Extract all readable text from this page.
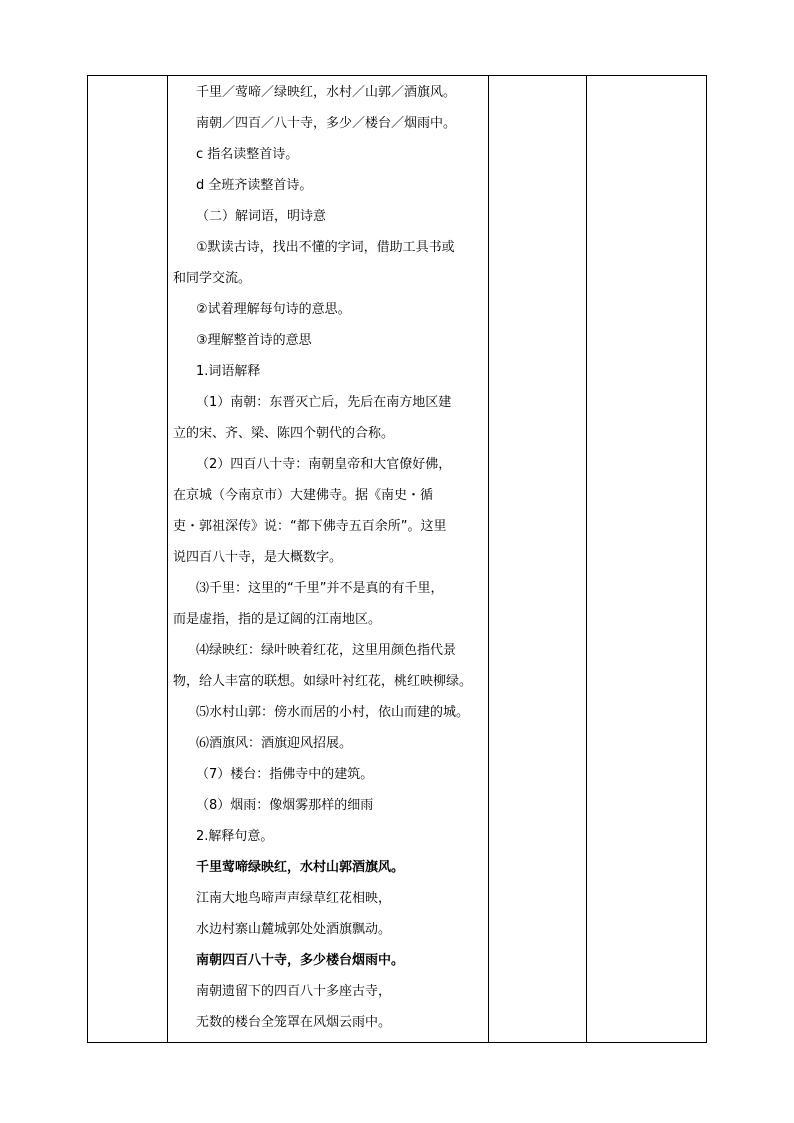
千里／莺啼／绿映红，水村／山郭／酒旗风。
南朝／四百／八十寺，多少／楼台／烟雨中。
c 指名读整首诗。
d 全班齐读整首诗。
（二）解词语，明诗意
①默读古诗，找出不懂的字词，借助工具书或
和同学交流。
②试着理解每句诗的意思。
③理解整首诗的意思
1.词语解释
（1）南朝：东晋灭亡后，先后在南方地区建
立的宋、齐、梁、陈四个朝代的合称。
（2）四百八十寺：南朝皇帝和大官僚好佛，
在京城（今南京市）大建佛寺。据《南史・循
吏・郭祖深传》说：“都下佛寺五百余所”。这里
说四百八十寺，是大概数字。
⑶千里：这里的“千里”并不是真的有千里，
而是虚指，指的是辽阔的江南地区。
⑷绿映红：绿叶映着红花，这里用颜色指代景
物，给人丰富的联想。如绿叶衬红花，桃红映柳绿。
⑸水村山郭：傍水而居的小村，依山而建的城。
⑹酒旗风：酒旗迎风招展。
（7）楼台：指佛寺中的建筑。
（8）烟雨：像烟雾那样的细雨
2.解释句意。
千里莺啼绿映红，水村山郭酒旗风。
江南大地鸟啼声声绿草红花相映，
水边村寨山麓城郭处处酒旗飘动。
南朝四百八十寺，多少楼台烟雨中。
南朝遗留下的四百八十多座古寺，
无数的楼台全笼罩在风烟云雨中。
